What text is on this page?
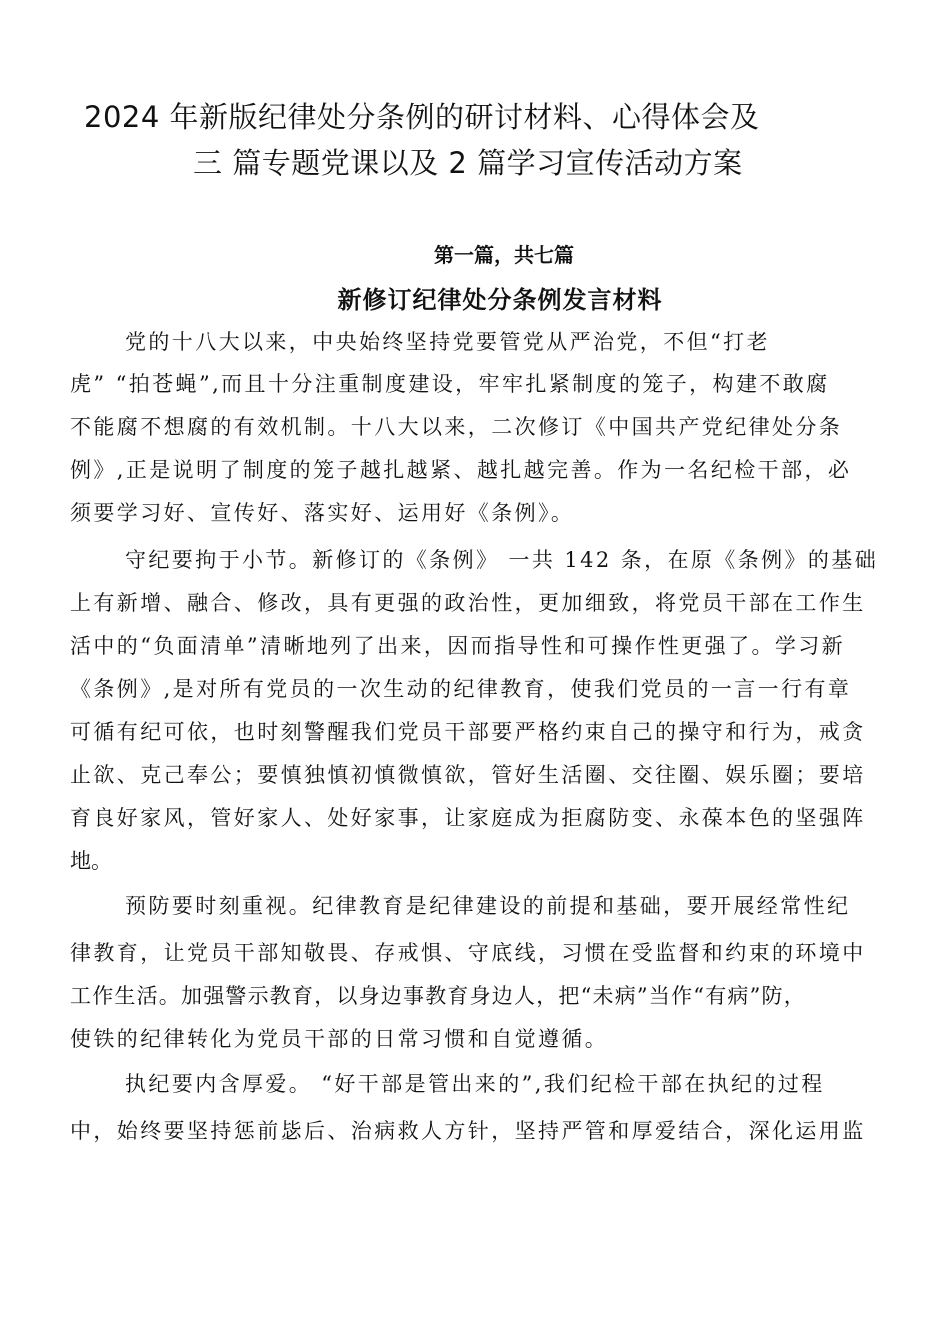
2024 年新版纪律处分条例的研讨材料、心得体会及
三 篇专题党课以及 2 篇学习宣传活动方案
第一篇，共七篇
新修订纪律处分条例发言材料
党的十八大以来，中央始终坚持党要管党从严治党，不但“打老
虎” “拍苍蝇”,而且十分注重制度建设，牢牢扎紧制度的笼子，构建不敢腐
不能腐不想腐的有效机制。十八大以来，二次修订《中国共产党纪律处分条
例》,正是说明了制度的笼子越扎越紧、越扎越完善。作为一名纪检干部，必
须要学习好、宣传好、落实好、运用好《条例》。
守纪要拘于小节。新修订的《条例》 一共 142 条，在原《条例》的基础
上有新增、融合、修改，具有更强的政治性，更加细致，将党员干部在工作生
活中的“负面清单”清晰地列了出来，因而指导性和可操作性更强了。学习新
《条例》,是对所有党员的一次生动的纪律教育，使我们党员的一言一行有章
可循有纪可依，也时刻警醒我们党员干部要严格约束自己的操守和行为，戒贪
止欲、克己奉公；要慎独慎初慎微慎欲，管好生活圈、交往圈、娱乐圈；要培
育良好家风，管好家人、处好家事，让家庭成为拒腐防变、永葆本色的坚强阵
地。
预防要时刻重视。纪律教育是纪律建设的前提和基础，要开展经常性纪
律教育，让党员干部知敬畏、存戒惧、守底线，习惯在受监督和约束的环境中
工作生活。加强警示教育，以身边事教育身边人，把“未病”当作“有病”防，
使铁的纪律转化为党员干部的日常习惯和自觉遵循。
执纪要内含厚爱。 “好干部是管出来的”,我们纪检干部在执纪的过程
中，始终要坚持惩前毖后、治病救人方针，坚持严管和厚爱结合，深化运用监
